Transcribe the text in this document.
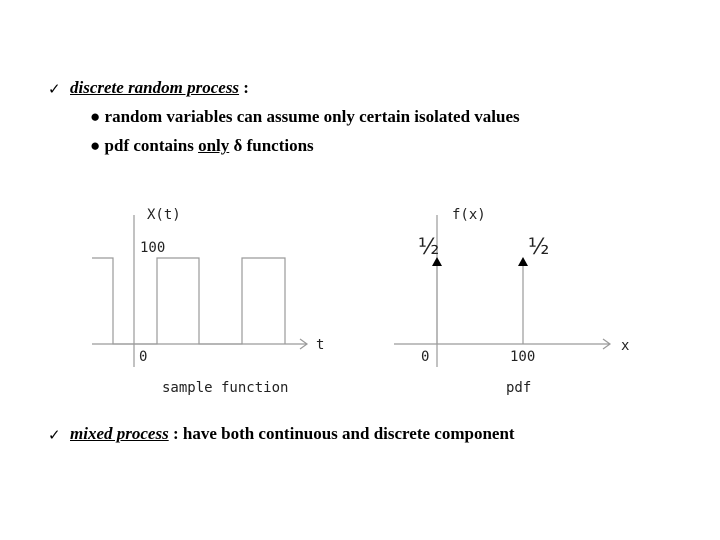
✓ discrete random process :
● random variables can assume only certain isolated values
● pdf contains only δ functions
X(t)
100
0
t
sample function
f(x)
½	½
0	100
x
pdf
✓ mixed process : have both continuous and discrete component
